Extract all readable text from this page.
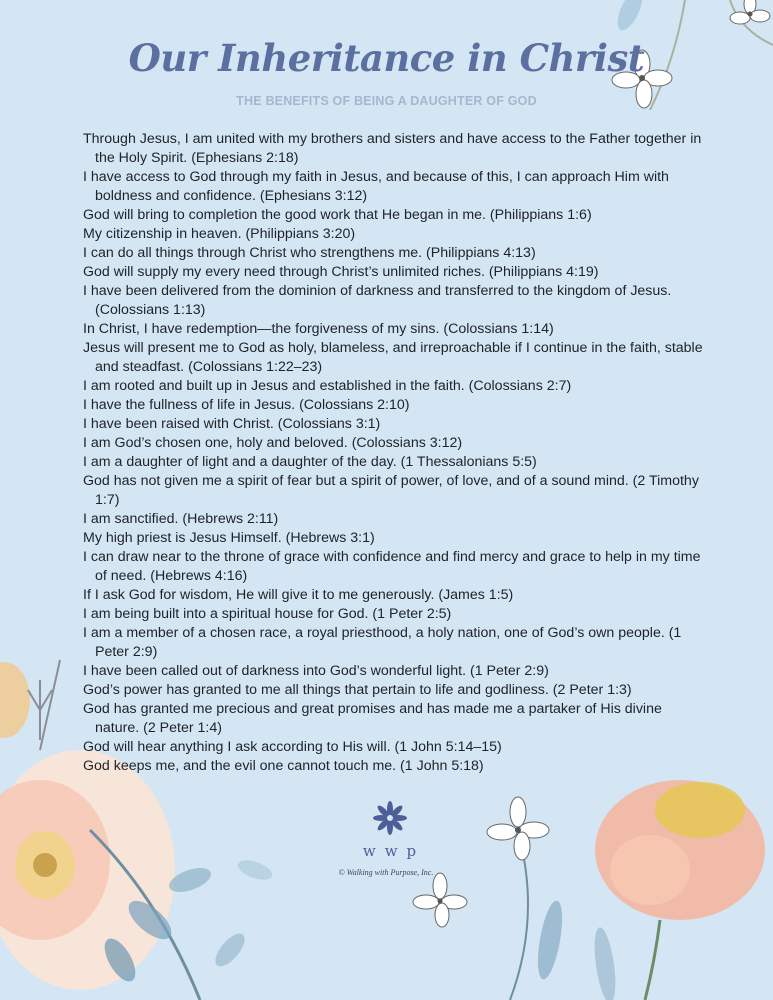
Our Inheritance in Christ
THE BENEFITS OF BEING A DAUGHTER OF GOD
Through Jesus, I am united with my brothers and sisters and have access to the Father together in the Holy Spirit. (Ephesians 2:18)
I have access to God through my faith in Jesus, and because of this, I can approach Him with boldness and confidence. (Ephesians 3:12)
God will bring to completion the good work that He began in me. (Philippians 1:6)
My citizenship in heaven. (Philippians 3:20)
I can do all things through Christ who strengthens me. (Philippians 4:13)
God will supply my every need through Christ’s unlimited riches. (Philippians 4:19)
I have been delivered from the dominion of darkness and transferred to the kingdom of Jesus. (Colossians 1:13)
In Christ, I have redemption—the forgiveness of my sins. (Colossians 1:14)
Jesus will present me to God as holy, blameless, and irreproachable if I continue in the faith, stable and steadfast. (Colossians 1:22–23)
I am rooted and built up in Jesus and established in the faith. (Colossians 2:7)
I have the fullness of life in Jesus. (Colossians 2:10)
I have been raised with Christ. (Colossians 3:1)
I am God’s chosen one, holy and beloved. (Colossians 3:12)
I am a daughter of light and a daughter of the day. (1 Thessalonians 5:5)
God has not given me a spirit of fear but a spirit of power, of love, and of a sound mind. (2 Timothy 1:7)
I am sanctified. (Hebrews 2:11)
My high priest is Jesus Himself. (Hebrews 3:1)
I can draw near to the throne of grace with confidence and find mercy and grace to help in my time of need. (Hebrews 4:16)
If I ask God for wisdom, He will give it to me generously. (James 1:5)
I am being built into a spiritual house for God. (1 Peter 2:5)
I am a member of a chosen race, a royal priesthood, a holy nation, one of God’s own people. (1 Peter 2:9)
I have been called out of darkness into God’s wonderful light. (1 Peter 2:9)
God’s power has granted to me all things that pertain to life and godliness. (2 Peter 1:3)
God has granted me precious and great promises and has made me a partaker of His divine nature. (2 Peter 1:4)
God will hear anything I ask according to His will. (1 John 5:14–15)
God keeps me, and the evil one cannot touch me. (1 John 5:18)
wwp
© Walking with Purpose, Inc.
